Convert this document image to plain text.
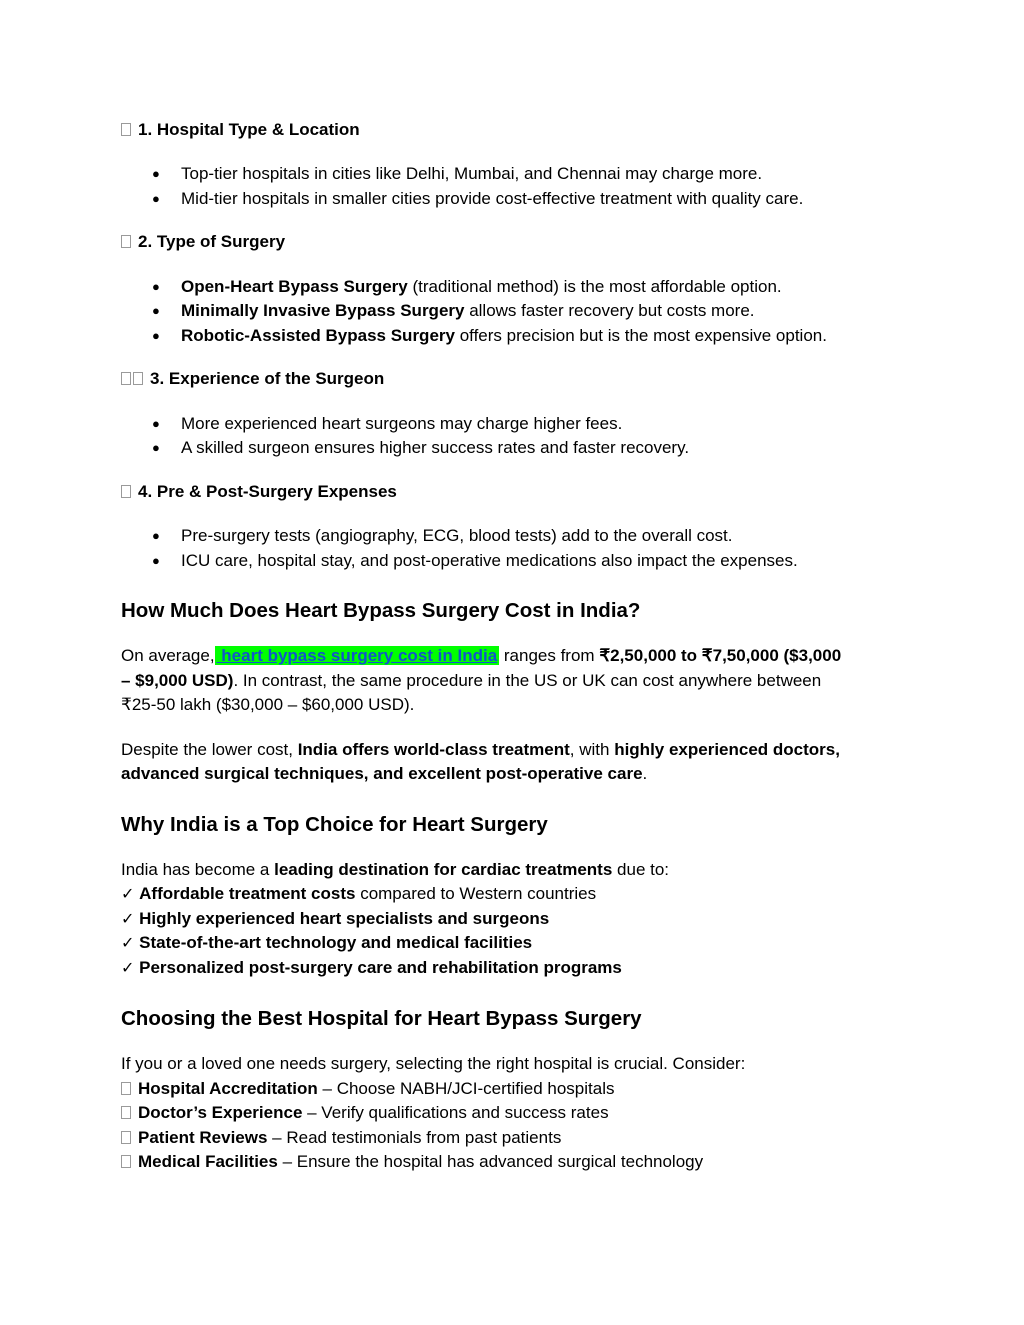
1. Hospital Type & Location
● Top-tier hospitals in cities like Delhi, Mumbai, and Chennai may charge more.
● Mid-tier hospitals in smaller cities provide cost-effective treatment with quality care.
2. Type of Surgery
● Open-Heart Bypass Surgery (traditional method) is the most affordable option.
● Minimally Invasive Bypass Surgery allows faster recovery but costs more.
● Robotic-Assisted Bypass Surgery offers precision but is the most expensive option.
3. Experience of the Surgeon
● More experienced heart surgeons may charge higher fees.
● A skilled surgeon ensures higher success rates and faster recovery.
4. Pre & Post-Surgery Expenses
● Pre-surgery tests (angiography, ECG, blood tests) add to the overall cost.
● ICU care, hospital stay, and post-operative medications also impact the expenses.
How Much Does Heart Bypass Surgery Cost in India?

On average, heart bypass surgery cost in India ranges from ₹2,50,000 to ₹7,50,000 ($3,000
– $9,000 USD). In contrast, the same procedure in the US or UK can cost anywhere between
₹25-50 lakh ($30,000 – $60,000 USD).

Despite the lower cost, India offers world-class treatment, with highly experienced doctors,
advanced surgical techniques, and excellent post-operative care.

Why India is a Top Choice for Heart Surgery

India has become a leading destination for cardiac treatments due to:

✓ Affordable treatment costs compared to Western countries
✓ Highly experienced heart specialists and surgeons
✓ State-of-the-art technology and medical facilities
✓ Personalized post-surgery care and rehabilitation programs
Choosing the Best Hospital for Heart Bypass Surgery

If you or a loved one needs surgery, selecting the right hospital is crucial. Consider:

Hospital Accreditation – Choose NABH/JCI-certified hospitals
Doctor’s Experience – Verify qualifications and success rates
Patient Reviews – Read testimonials from past patients
Medical Facilities – Ensure the hospital has advanced surgical technology
